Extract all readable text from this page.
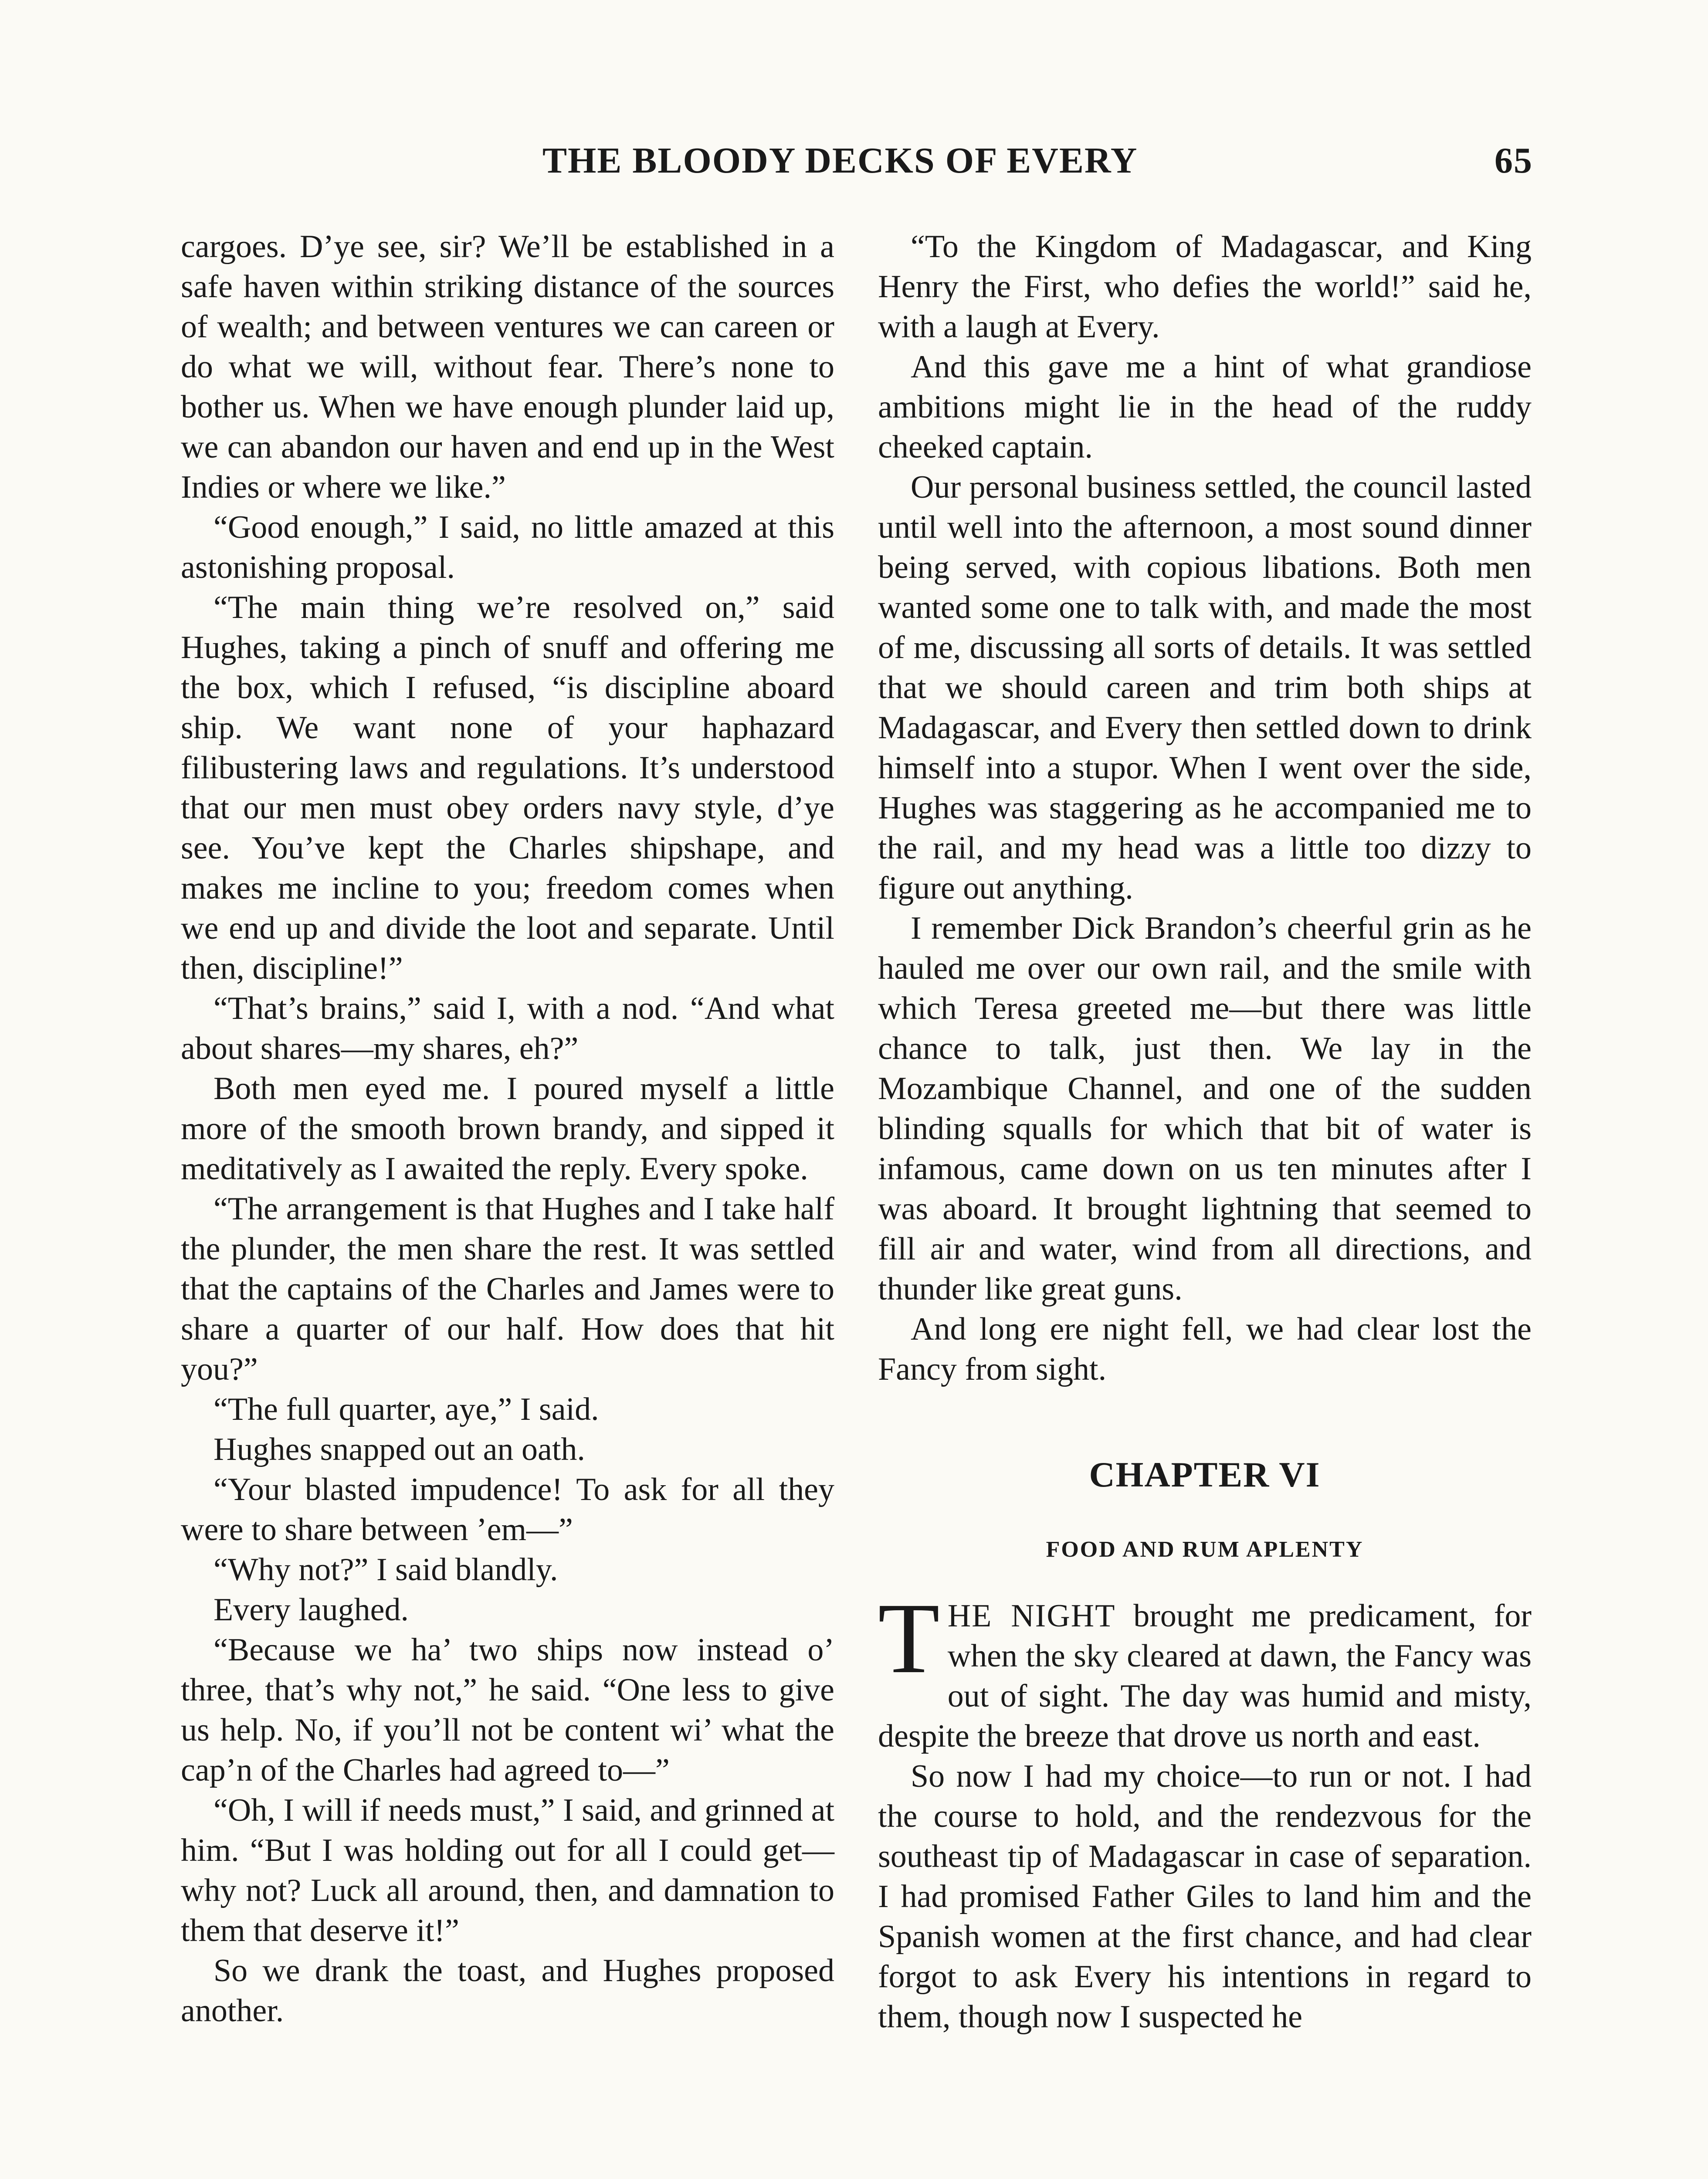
THE BLOODY DECKS OF EVERY	65

cargoes. D’ye see, sir? We’ll be established in a safe haven within striking distance of the sources of wealth; and between ventures we can careen or do what we will, without fear. There’s none to bother us. When we have enough plunder laid up, we can abandon our haven and end up in the West Indies or where we like.”

“Good enough,” I said, no little amazed at this astonishing proposal.

“The main thing we’re resolved on,” said Hughes, taking a pinch of snuff and offering me the box, which I refused, “is discipline aboard ship. We want none of your haphazard filibustering laws and regulations. It’s understood that our men must obey orders navy style, d’ye see. You’ve kept the Charles shipshape, and makes me incline to you; freedom comes when we end up and divide the loot and separate. Until then, discipline!”

“That’s brains,” said I, with a nod. “And what about shares—my shares, eh?”

Both men eyed me. I poured myself a little more of the smooth brown brandy, and sipped it meditatively as I awaited the reply. Every spoke.

“The arrangement is that Hughes and I take half the plunder, the men share the rest. It was settled that the captains of the Charles and James were to share a quarter of our half. How does that hit you?”

“The full quarter, aye,” I said.

Hughes snapped out an oath.

“Your blasted impudence! To ask for all they were to share between ’em—”

“Why not?” I said blandly.

Every laughed.

“Because we ha’ two ships now instead o’ three, that’s why not,” he said. “One less to give us help. No, if you’ll not be content wi’ what the cap’n of the Charles had agreed to—”

“Oh, I will if needs must,” I said, and grinned at him. “But I was holding out for all I could get—why not? Luck all around, then, and damnation to them that deserve it!”

So we drank the toast, and Hughes proposed another.

“To the Kingdom of Madagascar, and King Henry the First, who defies the world!” said he, with a laugh at Every.

And this gave me a hint of what grandiose ambitions might lie in the head of the ruddy cheeked captain.

Our personal business settled, the council lasted until well into the afternoon, a most sound dinner being served, with copious libations. Both men wanted some one to talk with, and made the most of me, discussing all sorts of details. It was settled that we should careen and trim both ships at Madagascar, and Every then settled down to drink himself into a stupor. When I went over the side, Hughes was staggering as he accompanied me to the rail, and my head was a little too dizzy to figure out anything.

I remember Dick Brandon’s cheerful grin as he hauled me over our own rail, and the smile with which Teresa greeted me—but there was little chance to talk, just then. We lay in the Mozambique Channel, and one of the sudden blinding squalls for which that bit of water is infamous, came down on us ten minutes after I was aboard. It brought lightning that seemed to fill air and water, wind from all directions, and thunder like great guns.

And long ere night fell, we had clear lost the Fancy from sight.

CHAPTER VI
FOOD AND RUM APLENTY

THE NIGHT brought me predicament, for when the sky cleared at dawn, the Fancy was out of sight. The day was humid and misty, despite the breeze that drove us north and east.

So now I had my choice—to run or not. I had the course to hold, and the rendezvous for the southeast tip of Madagascar in case of separation. I had promised Father Giles to land him and the Spanish women at the first chance, and had clear forgot to ask Every his intentions in regard to them, though now I suspected he
